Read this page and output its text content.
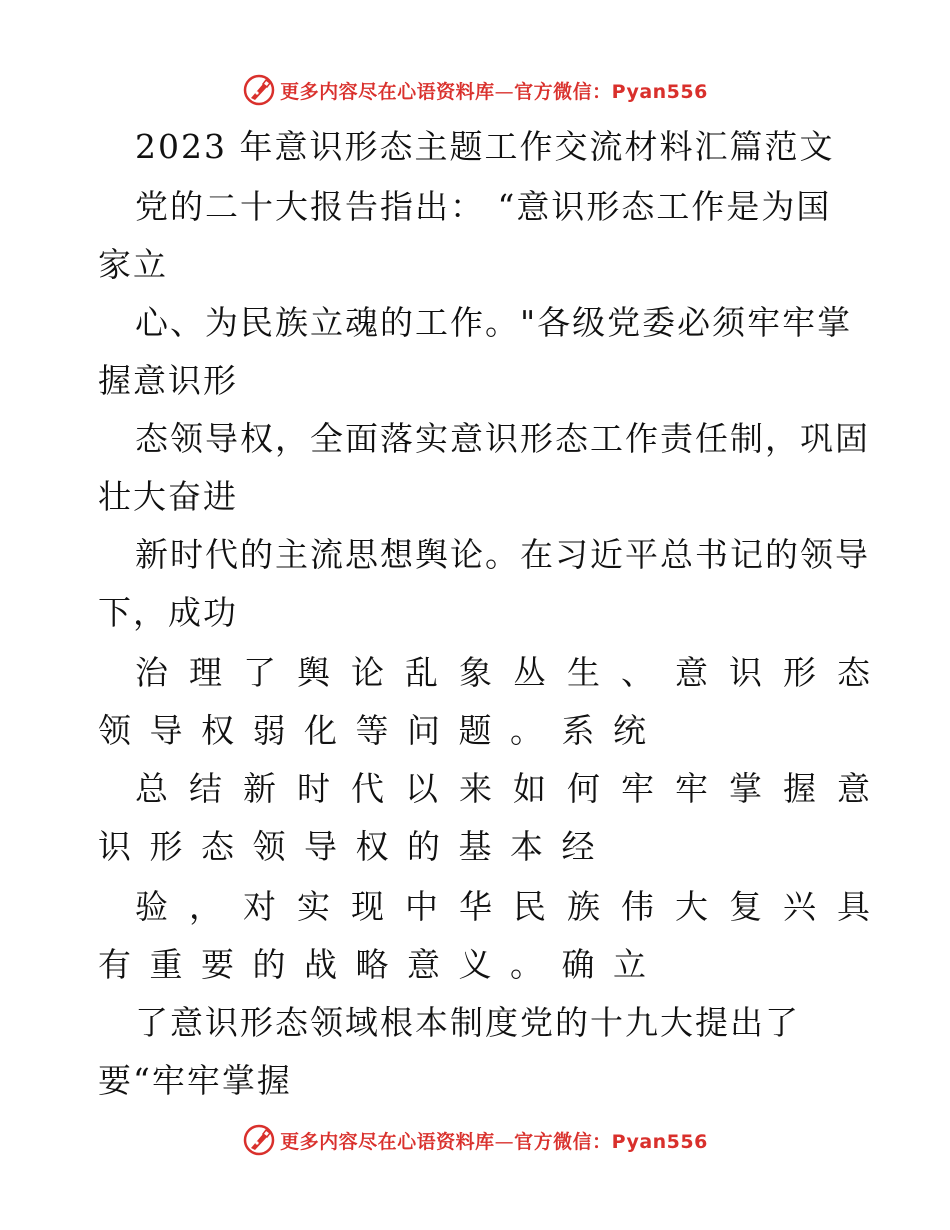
更多内容尽在心语资料库—官方微信：Pyan556
2023 年意识形态主题工作交流材料汇篇范文
党的二十大报告指出： “意识形态工作是为国
家立
心、为民族立魂的工作。"各级党委必须牢牢掌
握意识形
态领导权，全面落实意识形态工作责任制，巩固
壮大奋进
新时代的主流思想舆论。在习近平总书记的领导
下，成功
治理了舆论乱象丛生、意识形态
领导权弱化等问题。系统
总结新时代以来如何牢牢掌握意
识形态领导权的基本经
验，对实现中华民族伟大复兴具
有重要的战略意义。确立
了意识形态领域根本制度党的十九大提出了
要“牢牢掌握
更多内容尽在心语资料库—官方微信：Pyan556
